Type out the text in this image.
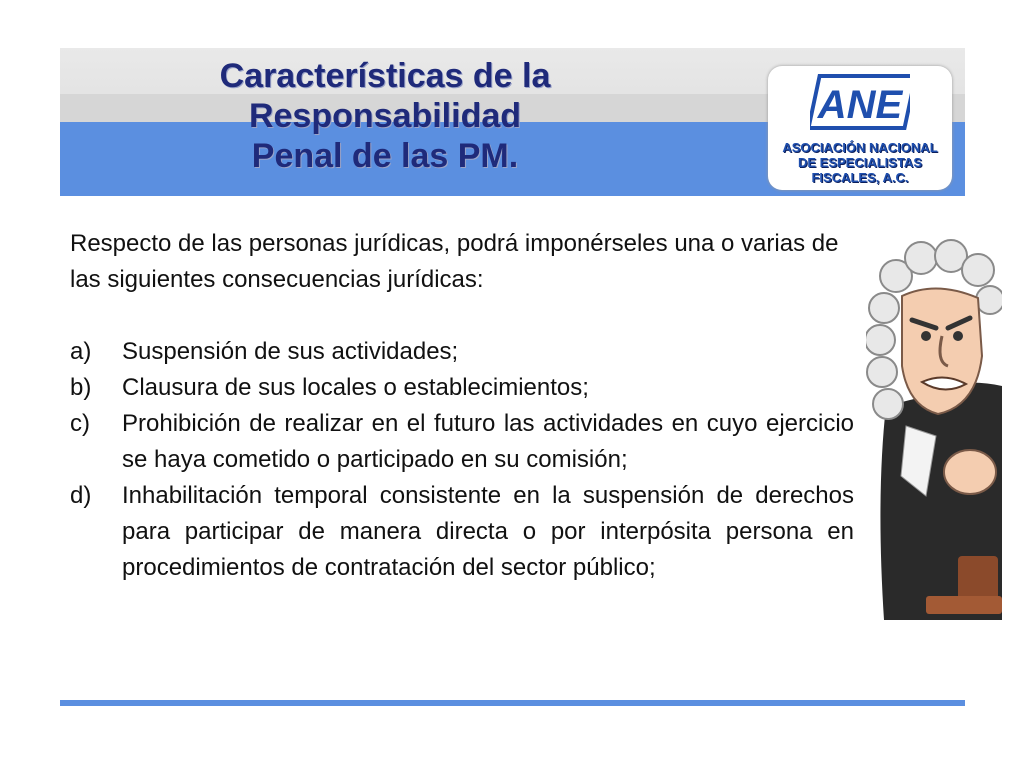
Características de la
Responsabilidad
Penal de las PM.
ANE
ASOCIACIÓN NACIONAL
DE ESPECIALISTAS
FISCALES, A.C.

Respecto de las personas jurídicas, podrá imponérseles una o varias de las siguientes consecuencias jurídicas:

a)	Suspensión de sus actividades;
b)	Clausura de sus locales o establecimientos;
c)	Prohibición de realizar en el futuro las actividades en cuyo ejercicio se haya cometido o participado en su comisión;
d)	Inhabilitación temporal consistente en la suspensión de derechos para participar de manera directa o por interpósita persona en procedimientos de contratación del sector público;
